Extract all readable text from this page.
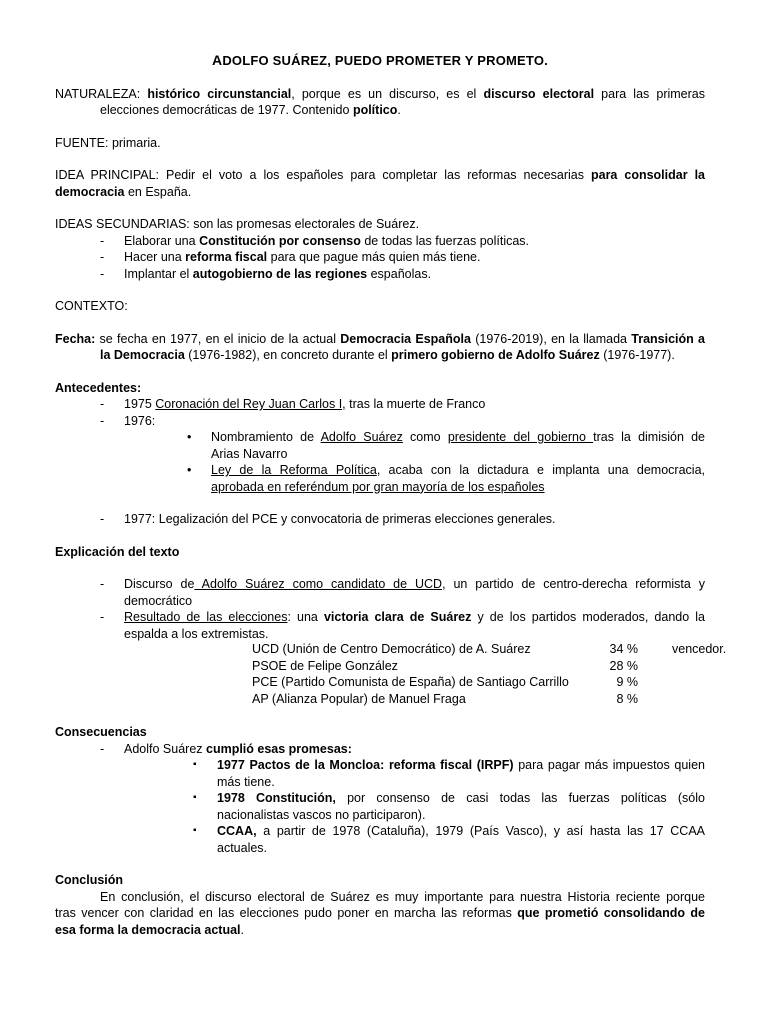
ADOLFO SUÁREZ, PUEDO PROMETER Y PROMETO.
NATURALEZA: histórico circunstancial, porque es un discurso, es el discurso electoral para las primeras
elecciones democráticas de 1977. Contenido político.
FUENTE: primaria.
IDEA PRINCIPAL: Pedir el voto a los españoles para completar las reformas necesarias para consolidar la
democracia en España.
IDEAS SECUNDARIAS: son las promesas electorales de Suárez.
- Elaborar una Constitución por consenso de todas las fuerzas políticas.
- Hacer una reforma fiscal para que pague más quien más tiene.
- Implantar el autogobierno de las regiones españolas.
CONTEXTO:
Fecha: se fecha en 1977, en el inicio de la actual Democracia Española (1976-2019), en la llamada Transición a
la Democracia (1976-1982), en concreto durante el primero gobierno de Adolfo Suárez (1976-1977).
Antecedentes:
- 1975 Coronación del Rey Juan Carlos I, tras la muerte de Franco
- 1976:
• Nombramiento de Adolfo Suárez como presidente del gobierno tras la dimisión de
Arias Navarro
• Ley de la Reforma Política, acaba con la dictadura e implanta una democracia,
aprobada en referéndum por gran mayoría de los españoles
- 1977: Legalización del PCE y convocatoria de primeras elecciones generales.
Explicación del texto
- Discurso de Adolfo Suárez como candidato de UCD, un partido de centro-derecha reformista y
democrático
- Resultado de las elecciones: una victoria clara de Suárez y de los partidos moderados, dando la
espalda a los extremistas.
UCD (Unión de Centro Democrático) de A. Suárez	34 %	vencedor.
PSOE de Felipe González	28 %
PCE (Partido Comunista de España) de Santiago Carrillo	9 %
AP (Alianza Popular) de Manuel Fraga	8 %
Consecuencias
- Adolfo Suárez cumplió esas promesas:
▪ 1977 Pactos de la Moncloa: reforma fiscal (IRPF) para pagar más impuestos quien
más tiene.
▪ 1978 Constitución, por consenso de casi todas las fuerzas políticas (sólo
nacionalistas vascos no participaron).
▪ CCAA, a partir de 1978 (Cataluña), 1979 (País Vasco), y así hasta las 17 CCAA
actuales.
Conclusión
En conclusión, el discurso electoral de Suárez es muy importante para nuestra Historia reciente porque
tras vencer con claridad en las elecciones pudo poner en marcha las reformas que prometió consolidando de
esa forma la democracia actual.
